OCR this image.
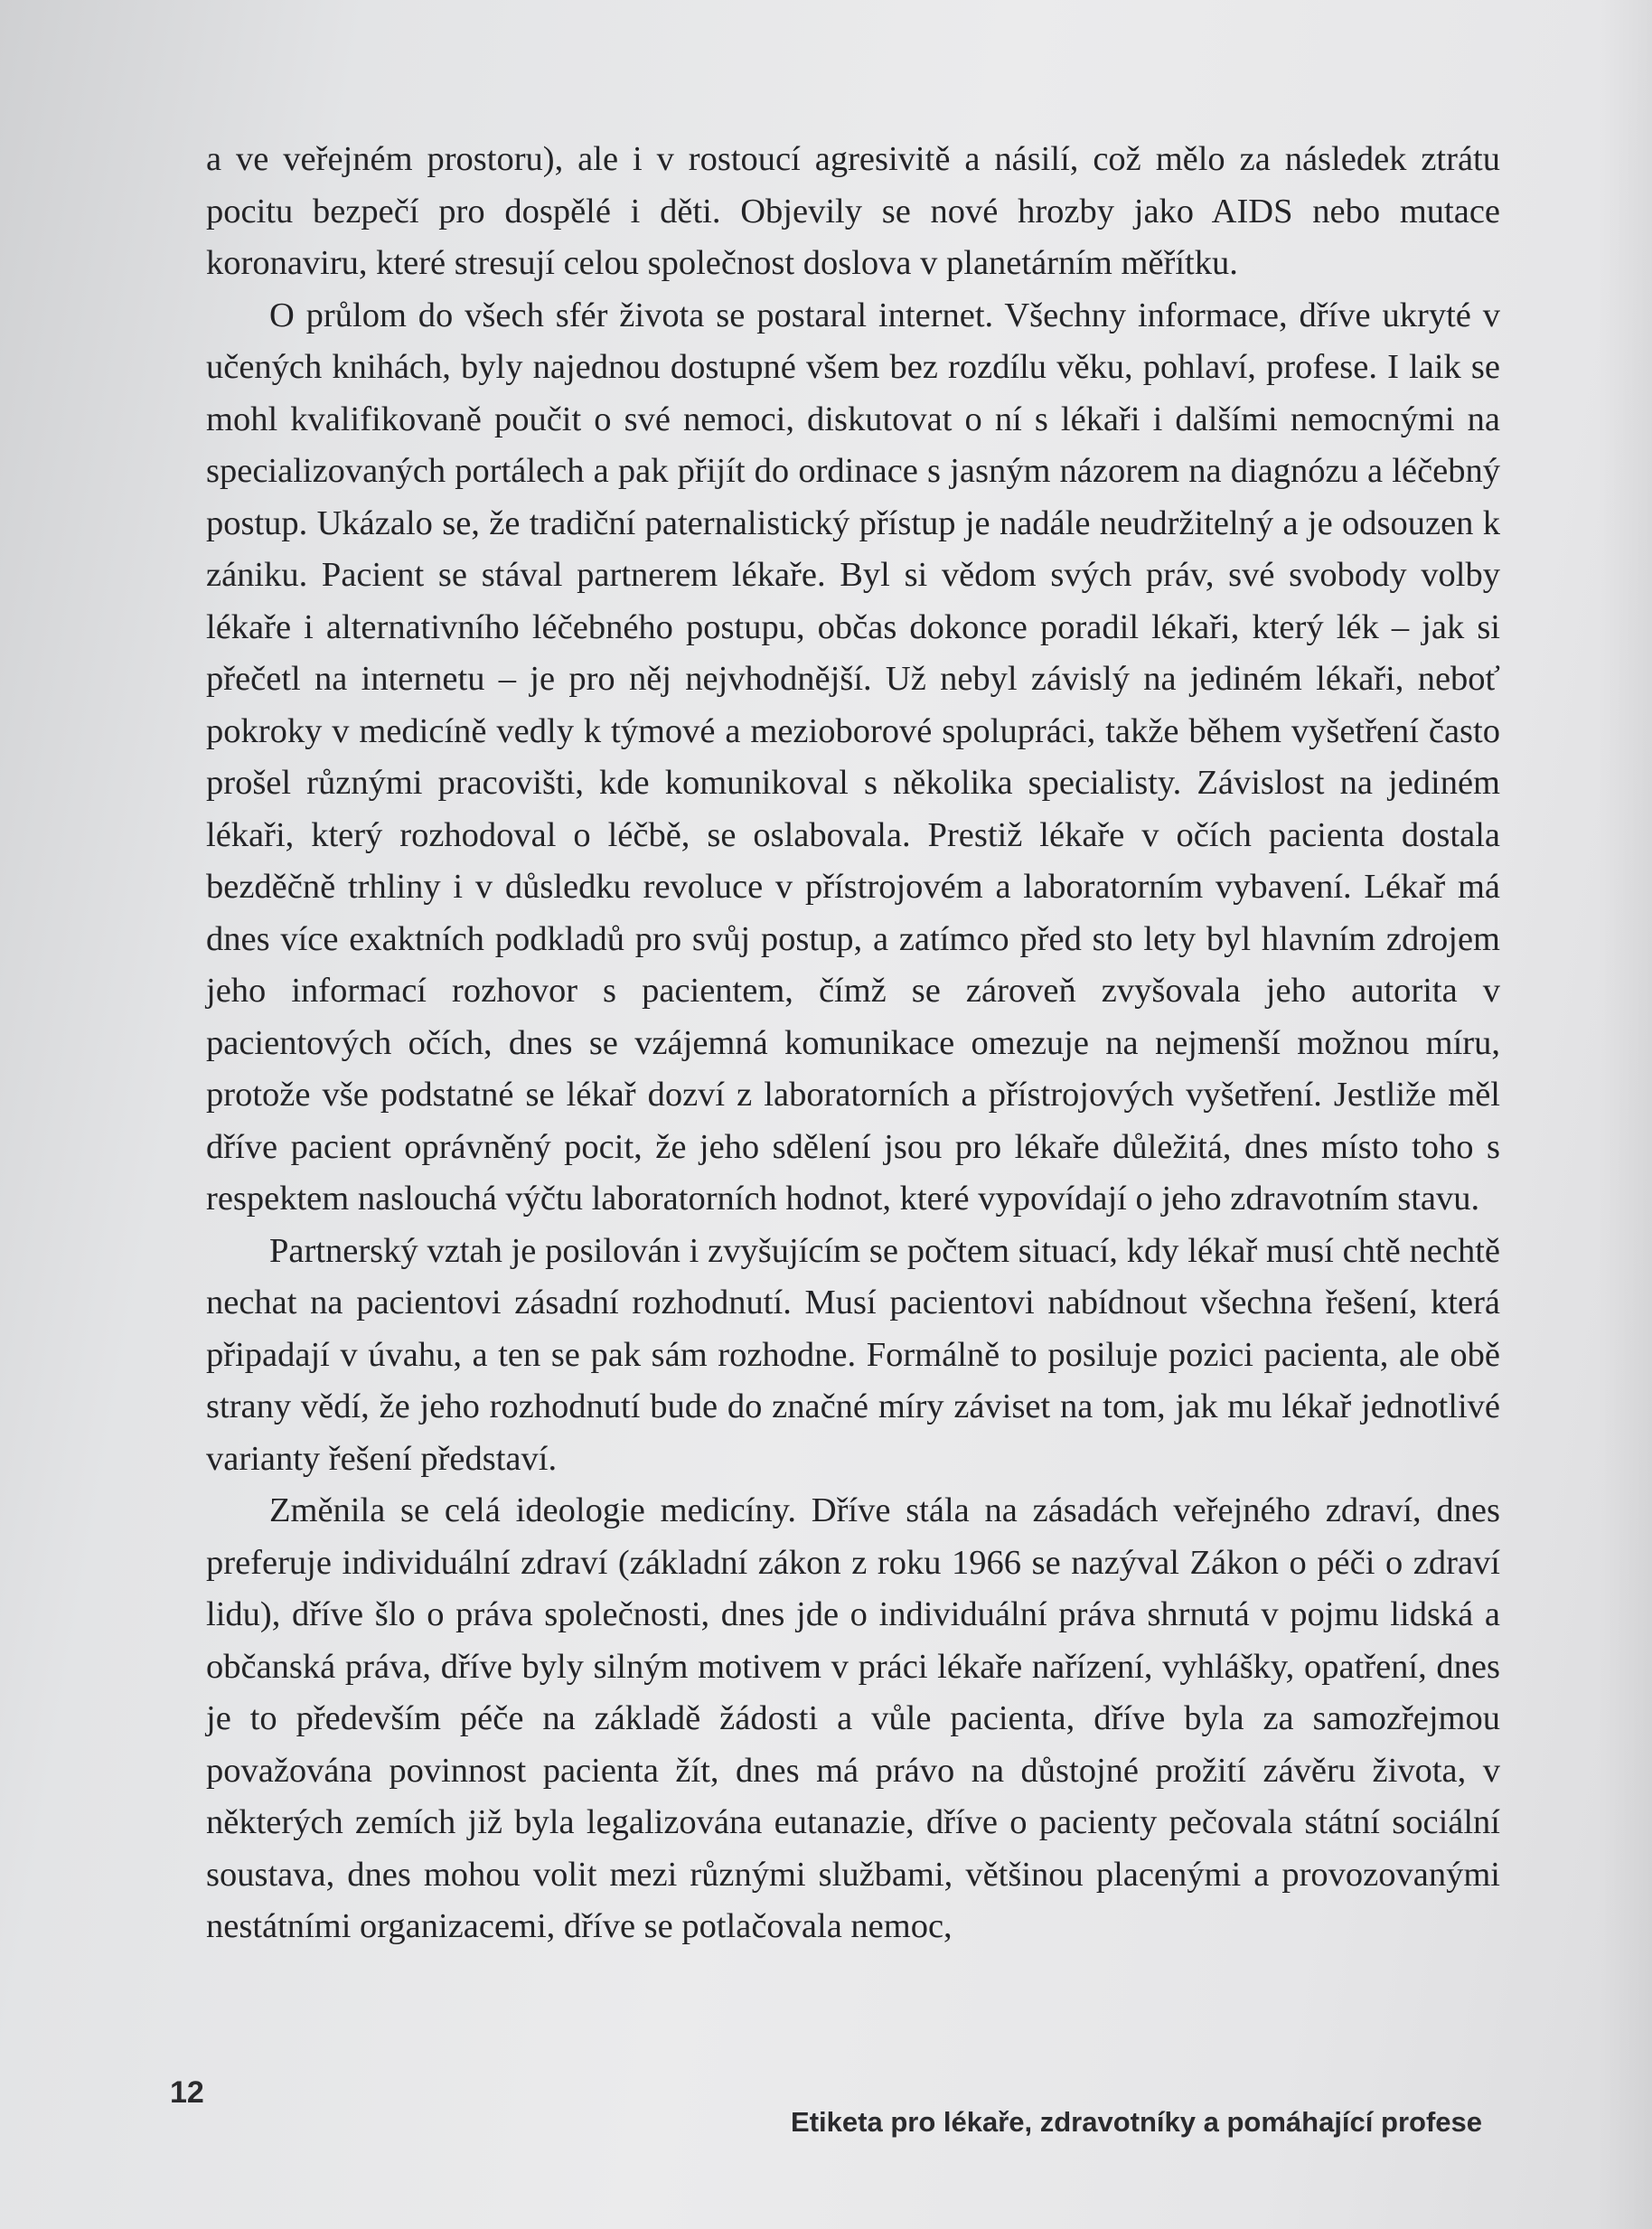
a ve veřejném prostoru), ale i v rostoucí agresivitě a násilí, což mělo za následek ztrátu pocitu bezpečí pro dospělé i děti. Objevily se nové hrozby jako AIDS nebo mutace koronaviru, které stresují celou společnost doslova v planetárním měřítku.

O průlom do všech sfér života se postaral internet. Všechny informace, dříve ukryté v učených knihách, byly najednou dostupné všem bez rozdílu věku, pohlaví, profese. I laik se mohl kvalifikovaně poučit o své nemoci, diskutovat o ní s lékaři i dalšími nemocnými na specializovaných portálech a pak přijít do ordinace s jasným názorem na diagnózu a léčebný postup. Ukázalo se, že tradiční paternalistický přístup je nadále neudržitelný a je odsouzen k zániku. Pacient se stával partnerem lékaře. Byl si vědom svých práv, své svobody volby lékaře i alternativního léčebného postupu, občas dokonce poradil lékaři, který lék – jak si přečetl na internetu – je pro něj nejvhodnější. Už nebyl závislý na jediném lékaři, neboť pokroky v medicíně vedly k týmové a mezioborové spolupráci, takže během vyšetření často prošel různými pracovišti, kde komunikoval s několika specialisty. Závislost na jediném lékaři, který rozhodoval o léčbě, se oslabovala. Prestiž lékaře v očích pacienta dostala bezděčně trhliny i v důsledku revoluce v přístrojovém a laboratorním vybavení. Lékař má dnes více exaktních podkladů pro svůj postup, a zatímco před sto lety byl hlavním zdrojem jeho informací rozhovor s pacientem, čímž se zároveň zvyšovala jeho autorita v pacientových očích, dnes se vzájemná komunikace omezuje na nejmenší možnou míru, protože vše podstatné se lékař dozví z laboratorních a přístrojových vyšetření. Jestliže měl dříve pacient oprávněný pocit, že jeho sdělení jsou pro lékaře důležitá, dnes místo toho s respektem naslouchá výčtu laboratorních hodnot, které vypovídají o jeho zdravotním stavu.

Partnerský vztah je posilován i zvyšujícím se počtem situací, kdy lékař musí chtě nechtě nechat na pacientovi zásadní rozhodnutí. Musí pacientovi nabídnout všechna řešení, která připadají v úvahu, a ten se pak sám rozhodne. Formálně to posiluje pozici pacienta, ale obě strany vědí, že jeho rozhodnutí bude do značné míry záviset na tom, jak mu lékař jednotlivé varianty řešení představí.

Změnila se celá ideologie medicíny. Dříve stála na zásadách veřejného zdraví, dnes preferuje individuální zdraví (základní zákon z roku 1966 se nazýval Zákon o péči o zdraví lidu), dříve šlo o práva společnosti, dnes jde o individuální práva shrnutá v pojmu lidská a občanská práva, dříve byly silným motivem v práci lékaře nařízení, vyhlášky, opatření, dnes je to především péče na základě žádosti a vůle pacienta, dříve byla za samozřejmou považována povinnost pacienta žít, dnes má právo na důstojné prožití závěru života, v některých zemích již byla legalizována eutanazie, dříve o pacienty pečovala státní sociální soustava, dnes mohou volit mezi různými službami, většinou placenými a provozovanými nestátními organizacemi, dříve se potlačovala nemoc,

12
Etiketa pro lékaře, zdravotníky a pomáhající profese
